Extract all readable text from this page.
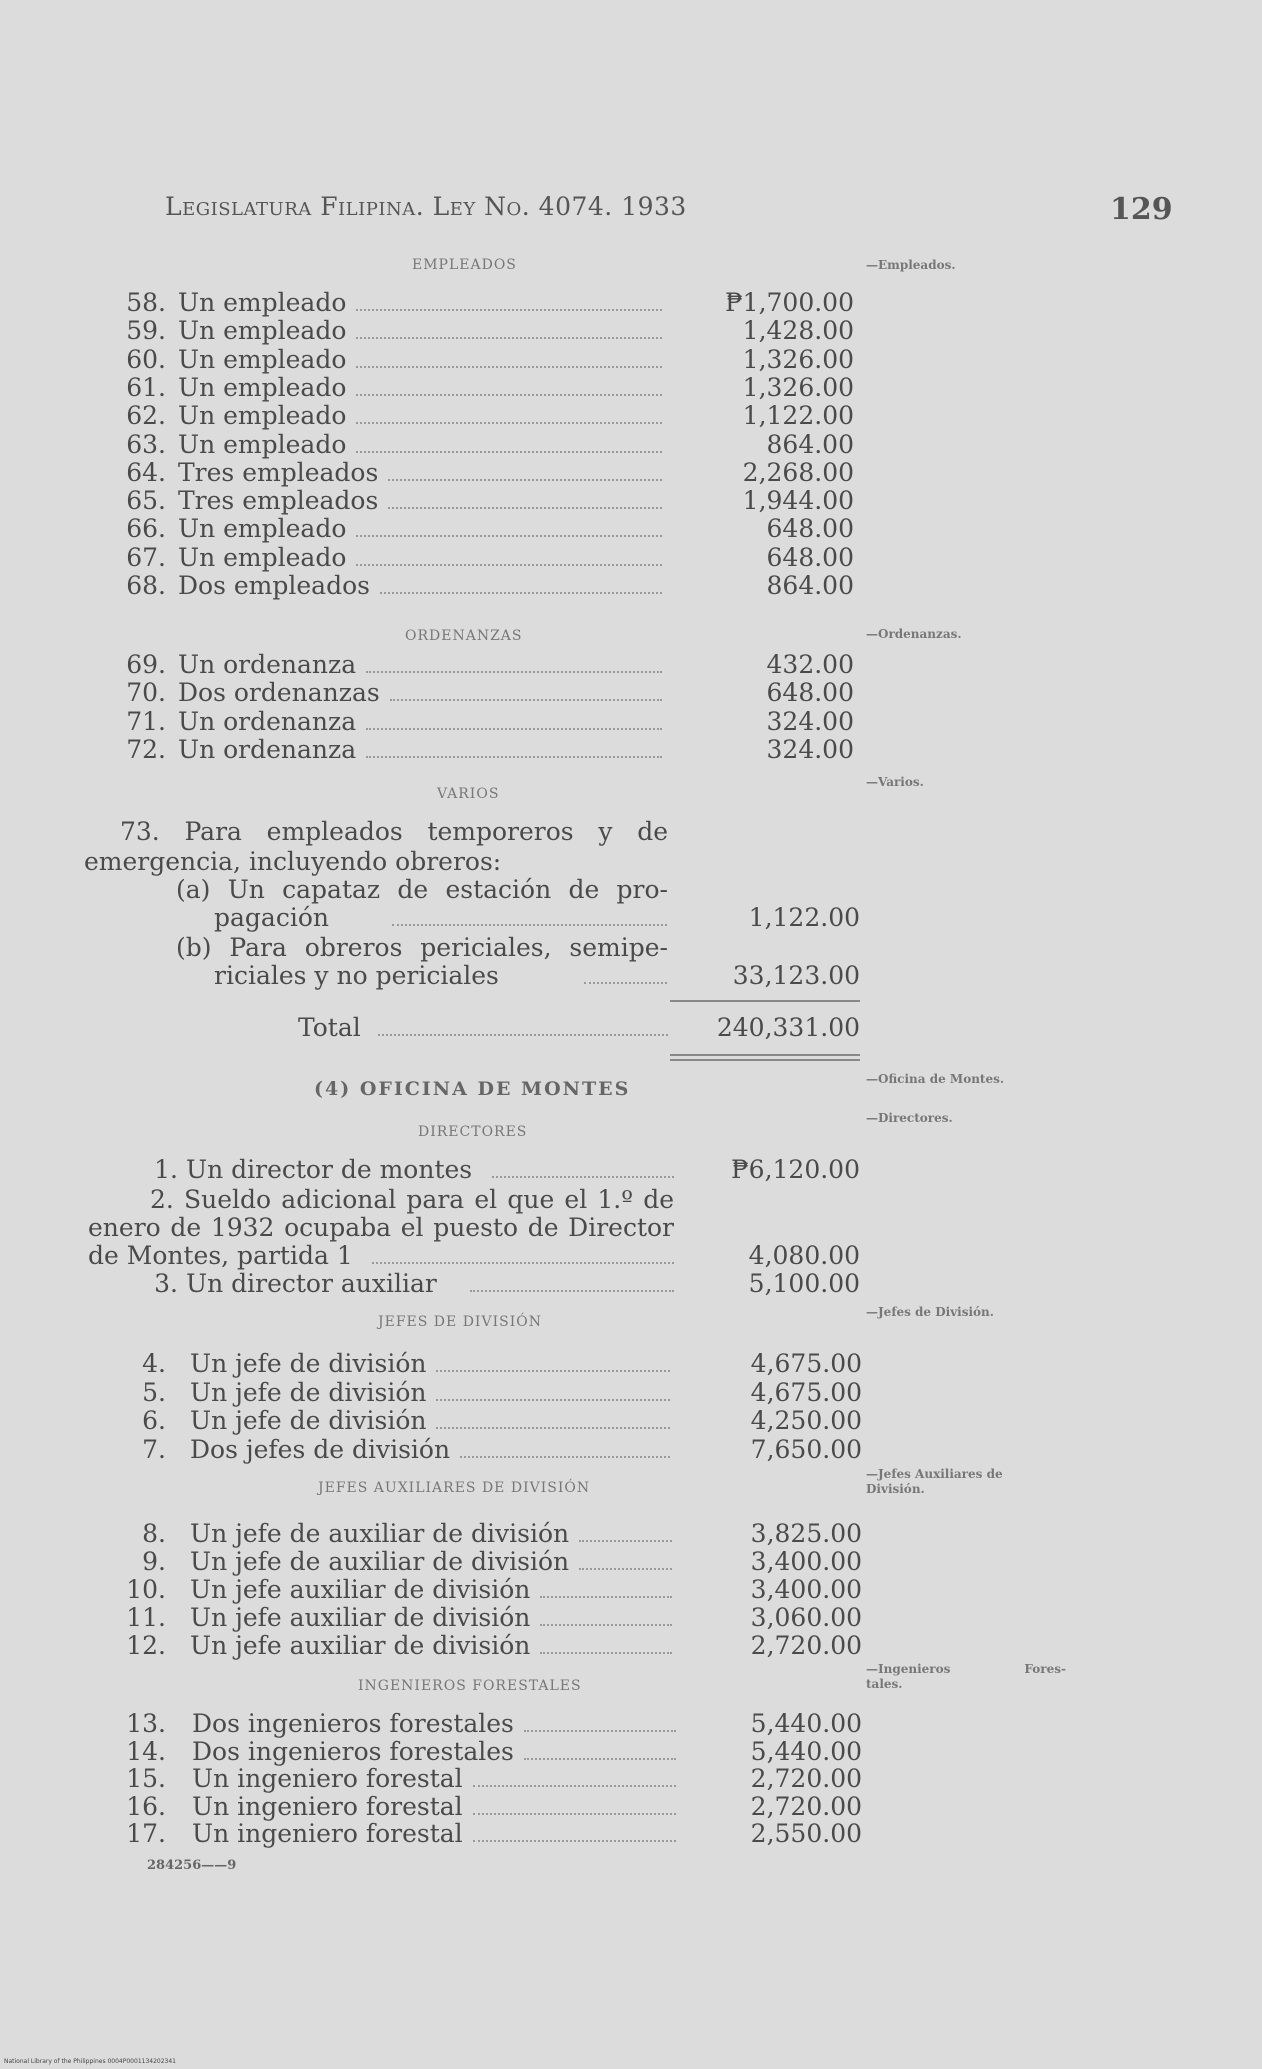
Legislatura Filipina. Ley No. 4074. 1933	129
EMPLEADOS	—Empleados.
58. Un empleado	₱1,700.00
59. Un empleado	1,428.00
60. Un empleado	1,326.00
61. Un empleado	1,326.00
62. Un empleado	1,122.00
63. Un empleado	864.00
64. Tres empleados	2,268.00
65. Tres empleados	1,944.00
66. Un empleado	648.00
67. Un empleado	648.00
68. Dos empleados	864.00
ORDENANZAS	—Ordenanzas.
69. Un ordenanza	432.00
70. Dos ordenanzas	648.00
71. Un ordenanza	324.00
72. Un ordenanza	324.00
VARIOS
—Varios.
73. Para empleados temporeros y de
emergencia, incluyendo obreros:
(a) Un capataz de estación de pro-
pagación	1,122.00
(b) Para obreros periciales, semipe-
riciales y no periciales	33,123.00
Total	240,331.00
(4) OFICINA DE MONTES	—Oficina de Montes.
DIRECTORES
—Directores.
1. Un director de montes	₱6,120.00
2. Sueldo adicional para el que el 1.º de
enero de 1932 ocupaba el puesto de Director
de Montes, partida 1	4,080.00
3. Un director auxiliar	5,100.00
JEFES DE DIVISIÓN
—Jefes de División.
4. Un jefe de división	4,675.00
5. Un jefe de división	4,675.00
6. Un jefe de división	4,250.00
7. Dos jefes de división	7,650.00
JEFES AUXILIARES DE DIVISIÓN
—Jefes Auxiliares de
División.
8. Un jefe de auxiliar de división	3,825.00
9. Un jefe de auxiliar de división	3,400.00
10. Un jefe auxiliar de división	3,400.00
11. Un jefe auxiliar de división	3,060.00
12. Un jefe auxiliar de división	2,720.00
INGENIEROS FORESTALES
—Ingenieros Fores-
tales.
13. Dos ingenieros forestales	5,440.00
14. Dos ingenieros forestales	5,440.00
15. Un ingeniero forestal	2,720.00
16. Un ingeniero forestal	2,720.00
17. Un ingeniero forestal	2,550.00
284256——9
National Library of the Philippines 0004P0001134202341
